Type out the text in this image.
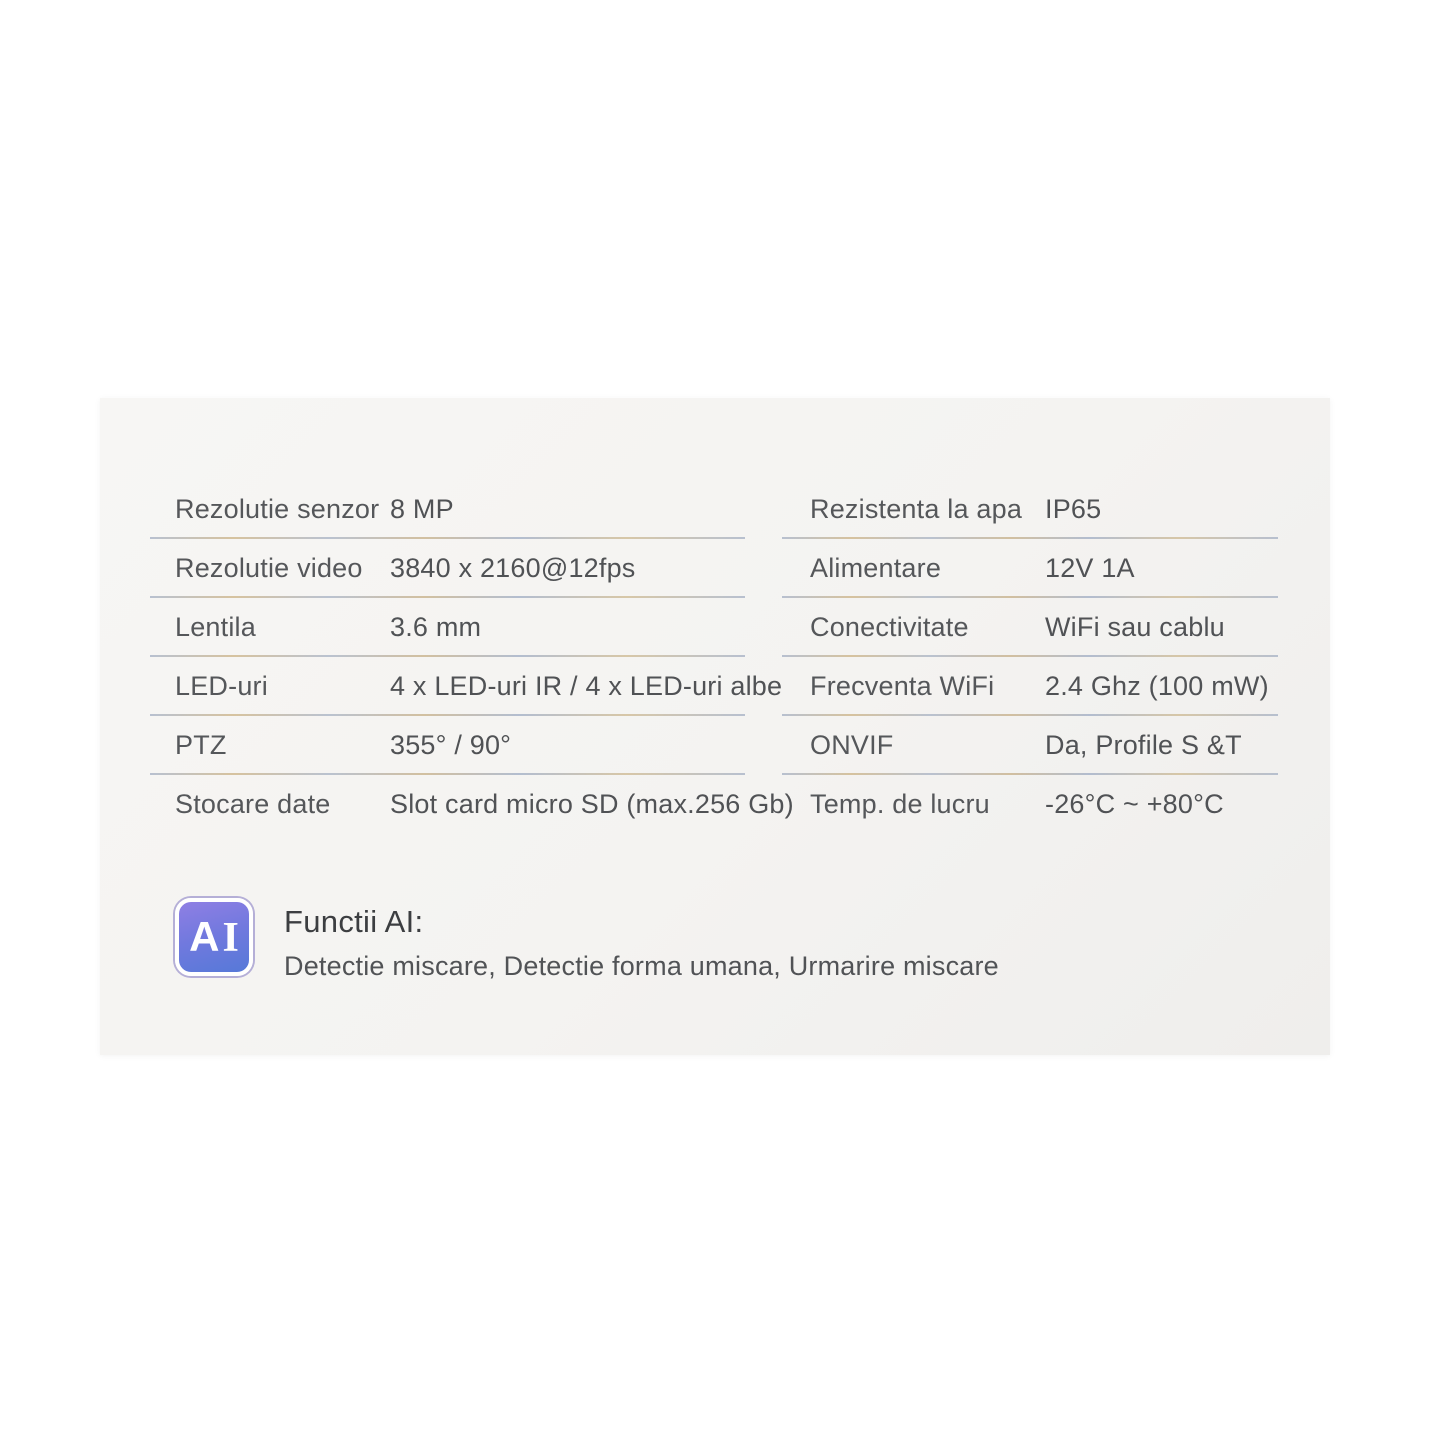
Rezolutie senzor 8 MP
Rezolutie video	3840 x 2160@12fps
Lentila	3.6 mm
LED-uri	4 x LED-uri IR / 4 x LED-uri albe
PTZ	355° / 90°
Stocare date	Slot card micro SD (max.256 Gb)
Rezistenta la apa IP65
Alimentare	12V 1A
Conectivitate	WiFi sau cablu
Frecventa WiFi	2.4 Ghz (100 mW)
ONVIF	Da, Profile S &T
Temp. de lucru	-26°C ~ +80°C
A I Functii AI:
Detectie miscare, Detectie forma umana, Urmarire miscare
